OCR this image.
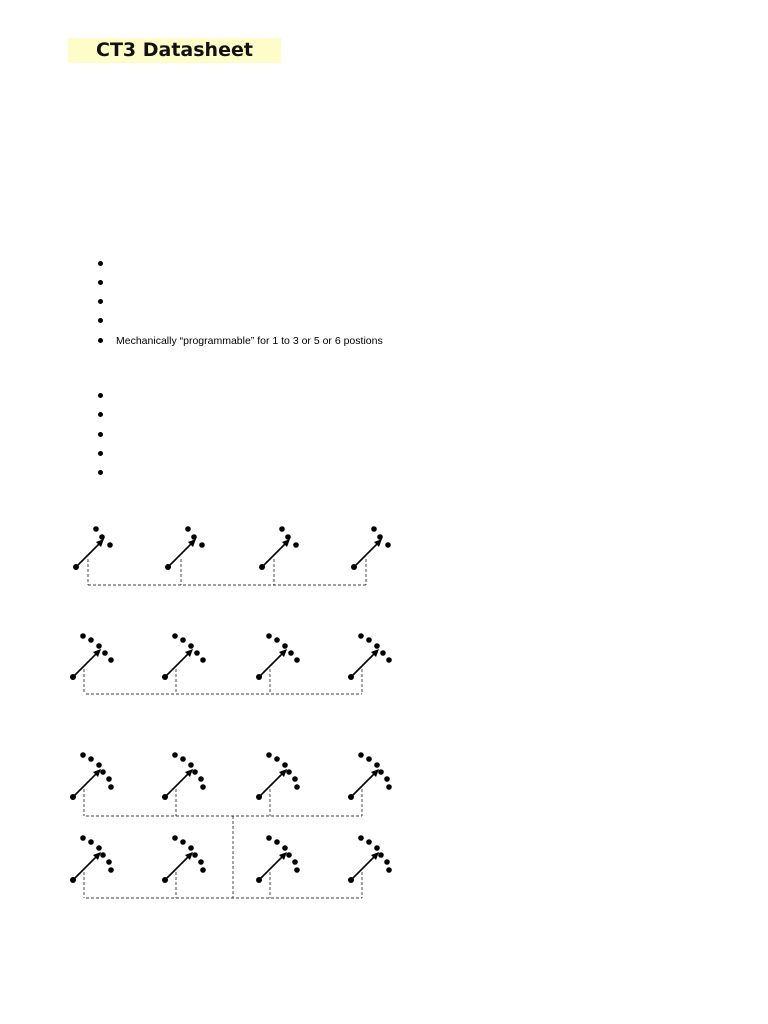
CT3 Datasheet
Mechanically “programmable” for 1 to 3 or 5 or 6 postions
